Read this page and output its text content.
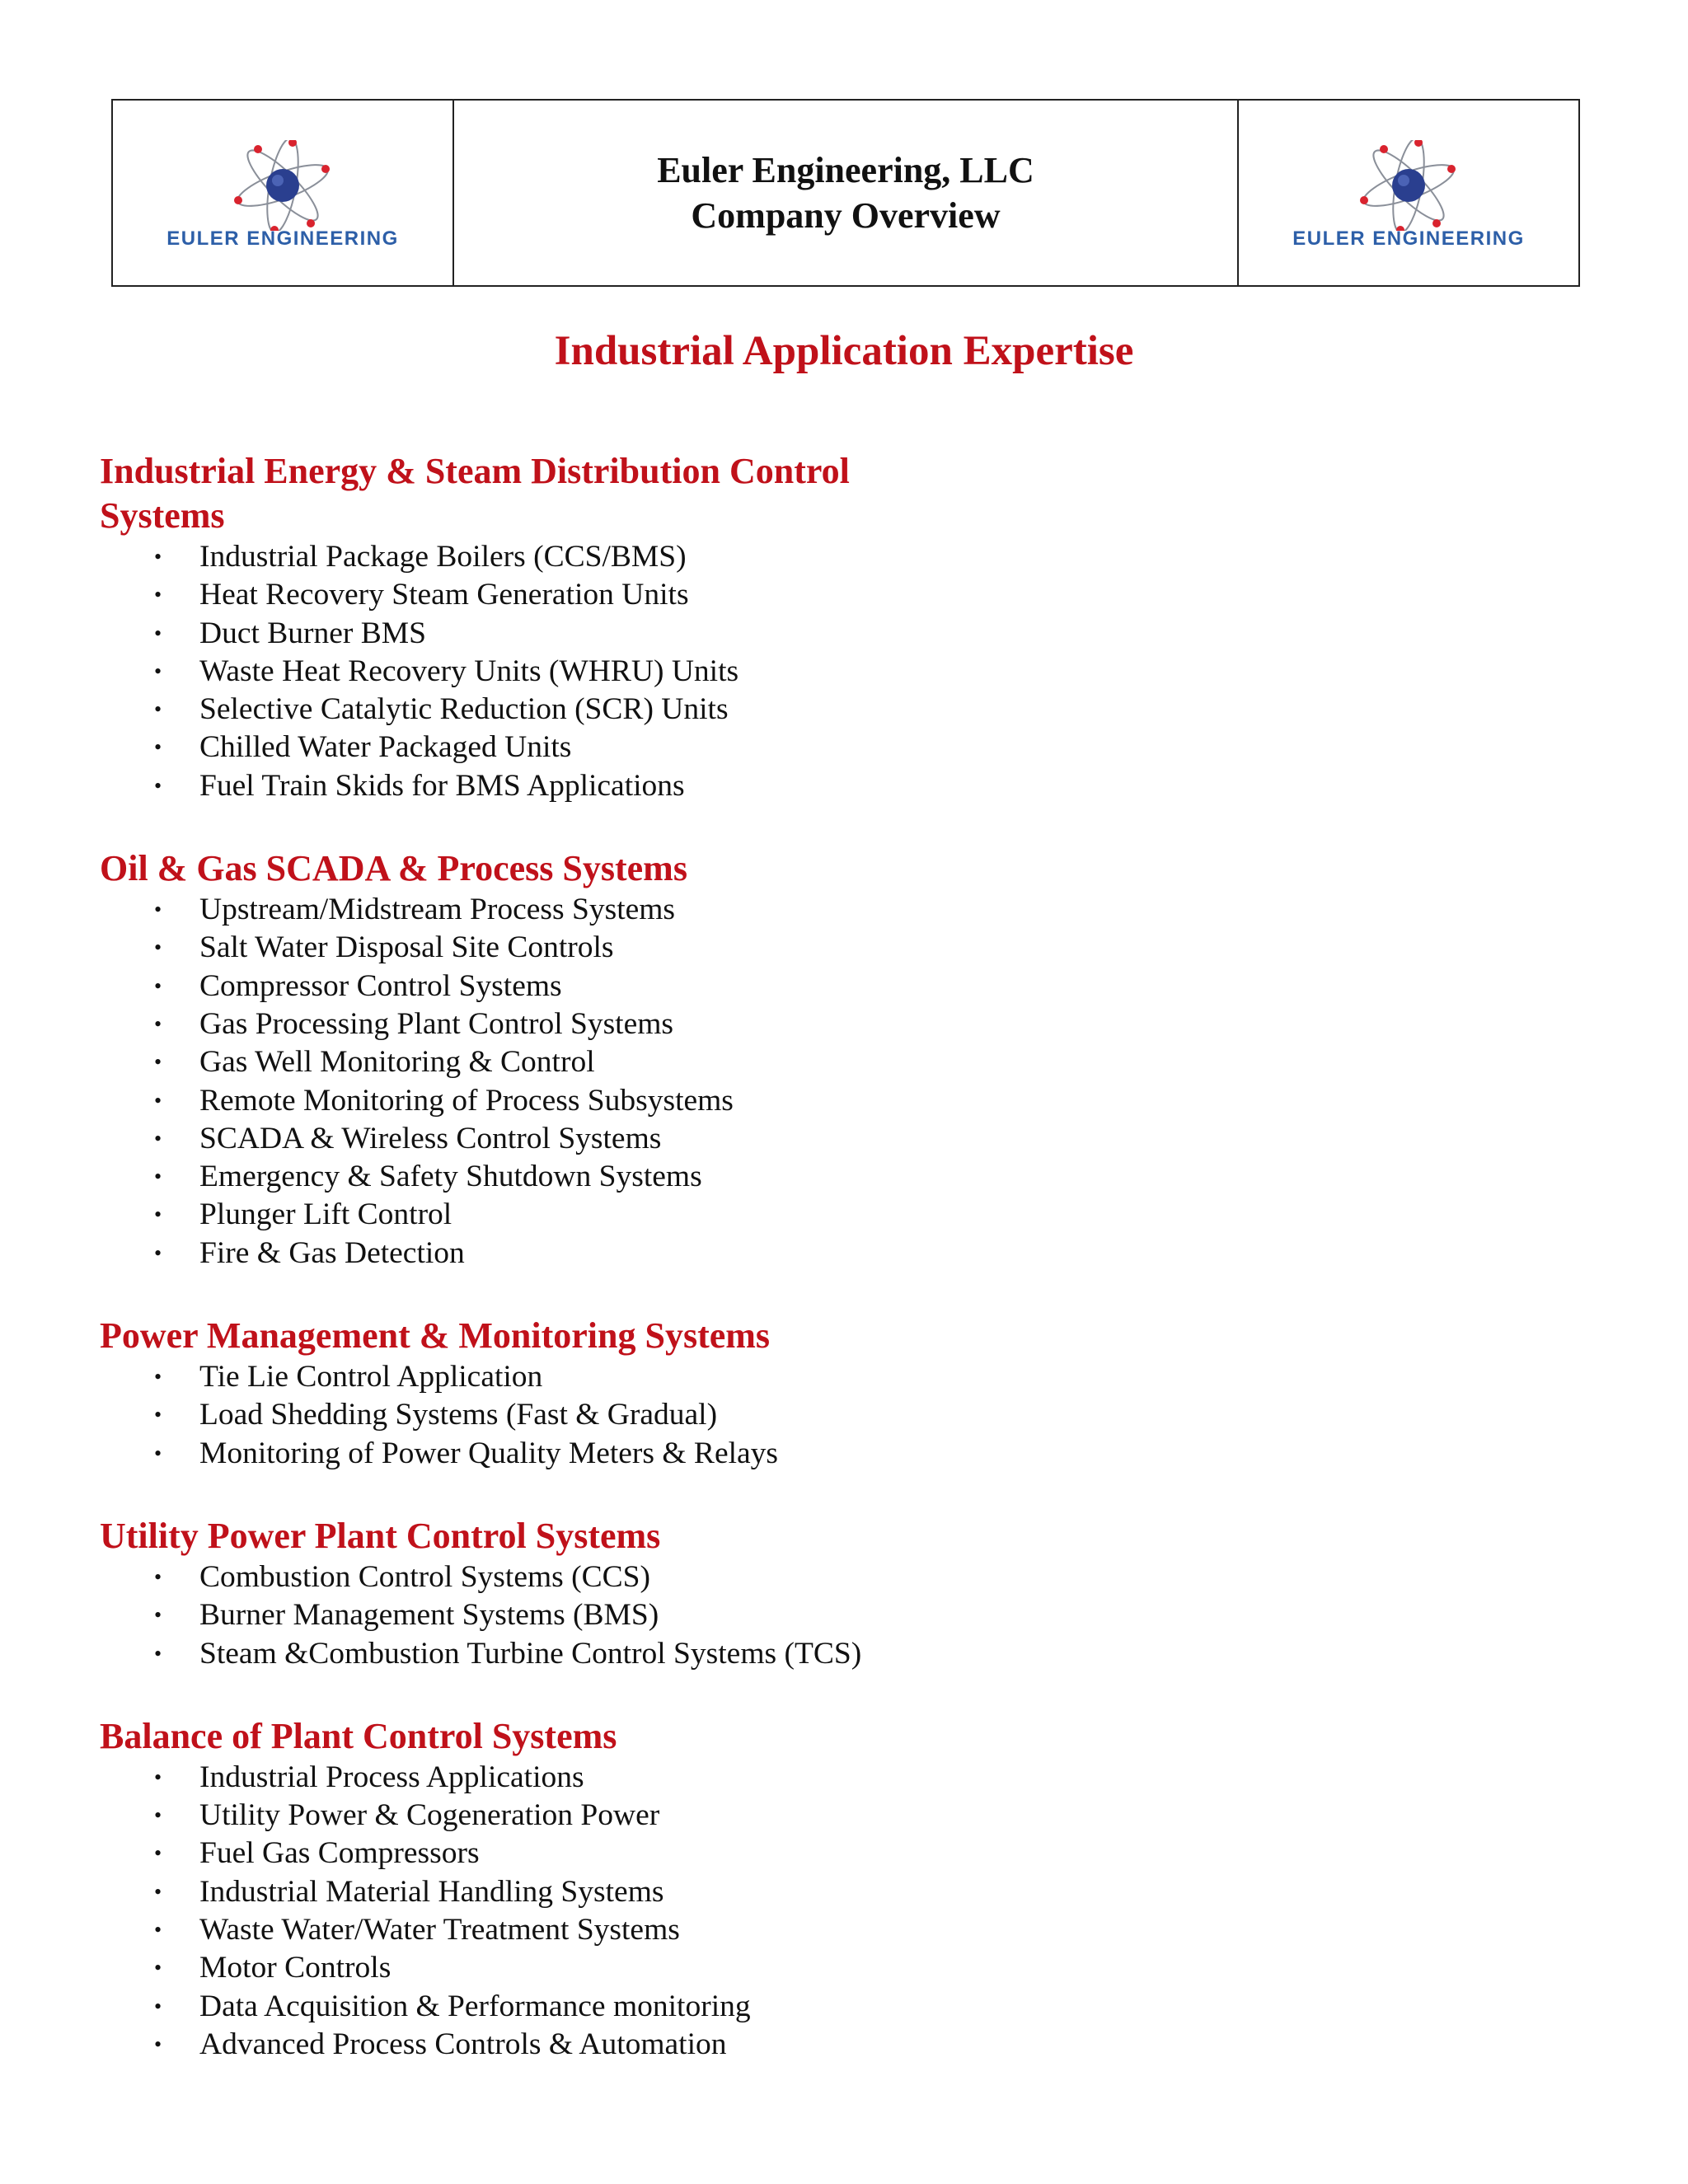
EULER ENGINEERING
Euler Engineering, LLC
Company Overview
EULER ENGINEERING
Industrial Application Expertise
Industrial Energy & Steam Distribution Control Systems
• Industrial Package Boilers (CCS/BMS)
• Heat Recovery Steam Generation Units
• Duct Burner BMS
• Waste Heat Recovery Units (WHRU) Units
• Selective Catalytic Reduction (SCR) Units
• Chilled Water Packaged Units
• Fuel Train Skids for BMS Applications
Oil & Gas SCADA & Process Systems
• Upstream/Midstream Process Systems
• Salt Water Disposal Site Controls
• Compressor Control Systems
• Gas Processing Plant Control Systems
• Gas Well Monitoring & Control
• Remote Monitoring of Process Subsystems
• SCADA & Wireless Control Systems
• Emergency & Safety Shutdown Systems
• Plunger Lift Control
• Fire & Gas Detection
Power Management & Monitoring Systems
• Tie Lie Control Application
• Load Shedding Systems (Fast & Gradual)
• Monitoring of Power Quality Meters & Relays
Utility Power Plant Control Systems
• Combustion Control Systems (CCS)
• Burner Management Systems (BMS)
• Steam &Combustion Turbine Control Systems (TCS)
Balance of Plant Control Systems
• Industrial Process Applications
• Utility Power & Cogeneration Power
• Fuel Gas Compressors
• Industrial Material Handling Systems
• Waste Water/Water Treatment Systems
• Motor Controls
• Data Acquisition & Performance monitoring
• Advanced Process Controls & Automation
